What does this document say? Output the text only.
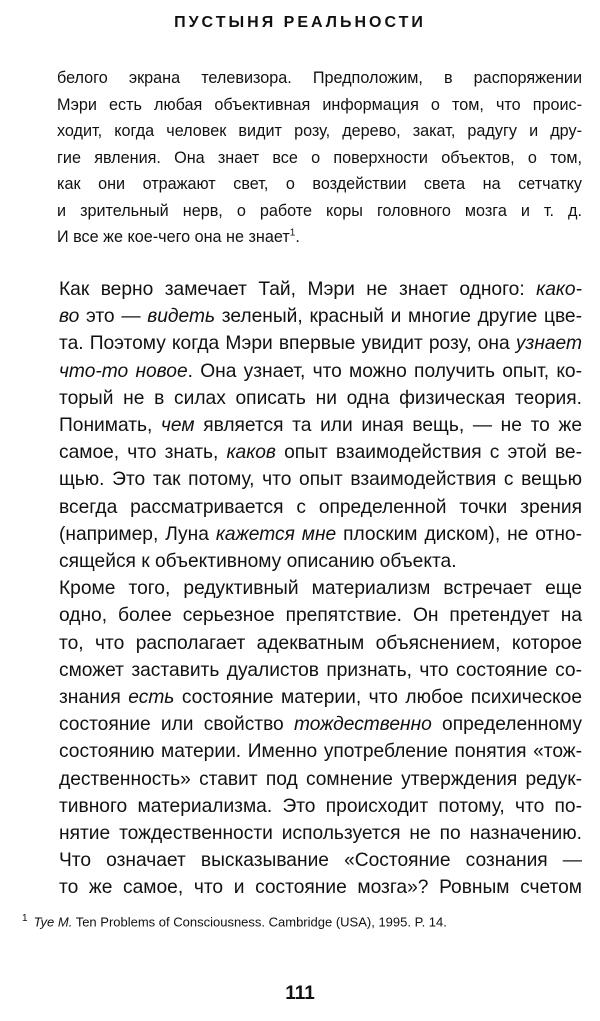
ПУСТЫНЯ РЕАЛЬНОСТИ
белого экрана телевизора. Предположим, в распоряжении
Мэри есть любая объективная информация о том, что проис-
ходит, когда человек видит розу, дерево, закат, радугу и дру-
гие явления. Она знает все о поверхности объектов, о том,
как они отражают свет, о воздействии света на сетчатку
и зрительный нерв, о работе коры головного мозга и т. д.
И все же кое-чего она не знает$^1$.

Как верно замечает Тай, Мэри не знает одного: како-
во это — видеть зеленый, красный и многие другие цве-
та. Поэтому когда Мэри впервые увидит розу, она узнает
что-то новое. Она узнает, что можно получить опыт, ко-
торый не в силах описать ни одна физическая теория.
Понимать, чем является та или иная вещь, — не то же
самое, что знать, каков опыт взаимодействия с этой ве-
щью. Это так потому, что опыт взаимодействия с вещью
всегда рассматривается с определенной точки зрения
(например, Луна кажется мне плоским диском), не отно-
сящейся к объективному описанию объекта.

Кроме того, редуктивный материализм встречает еще
одно, более серьезное препятствие. Он претендует на
то, что располагает адекватным объяснением, которое
сможет заставить дуалистов признать, что состояние со-
знания есть состояние материи, что любое психическое
состояние или свойство тождественно определенному
состоянию материи. Именно употребление понятия «тож-
дественность» ставит под сомнение утверждения редук-
тивного материализма. Это происходит потому, что по-
нятие тождественности используется не по назначению.
Что означает высказывание «Состояние сознания —
то же самое, что и состояние мозга»? Ровным счетом

$^1$ Tye M. Ten Problems of Consciousness. Cambridge (USA), 1995. P. 14.
111
